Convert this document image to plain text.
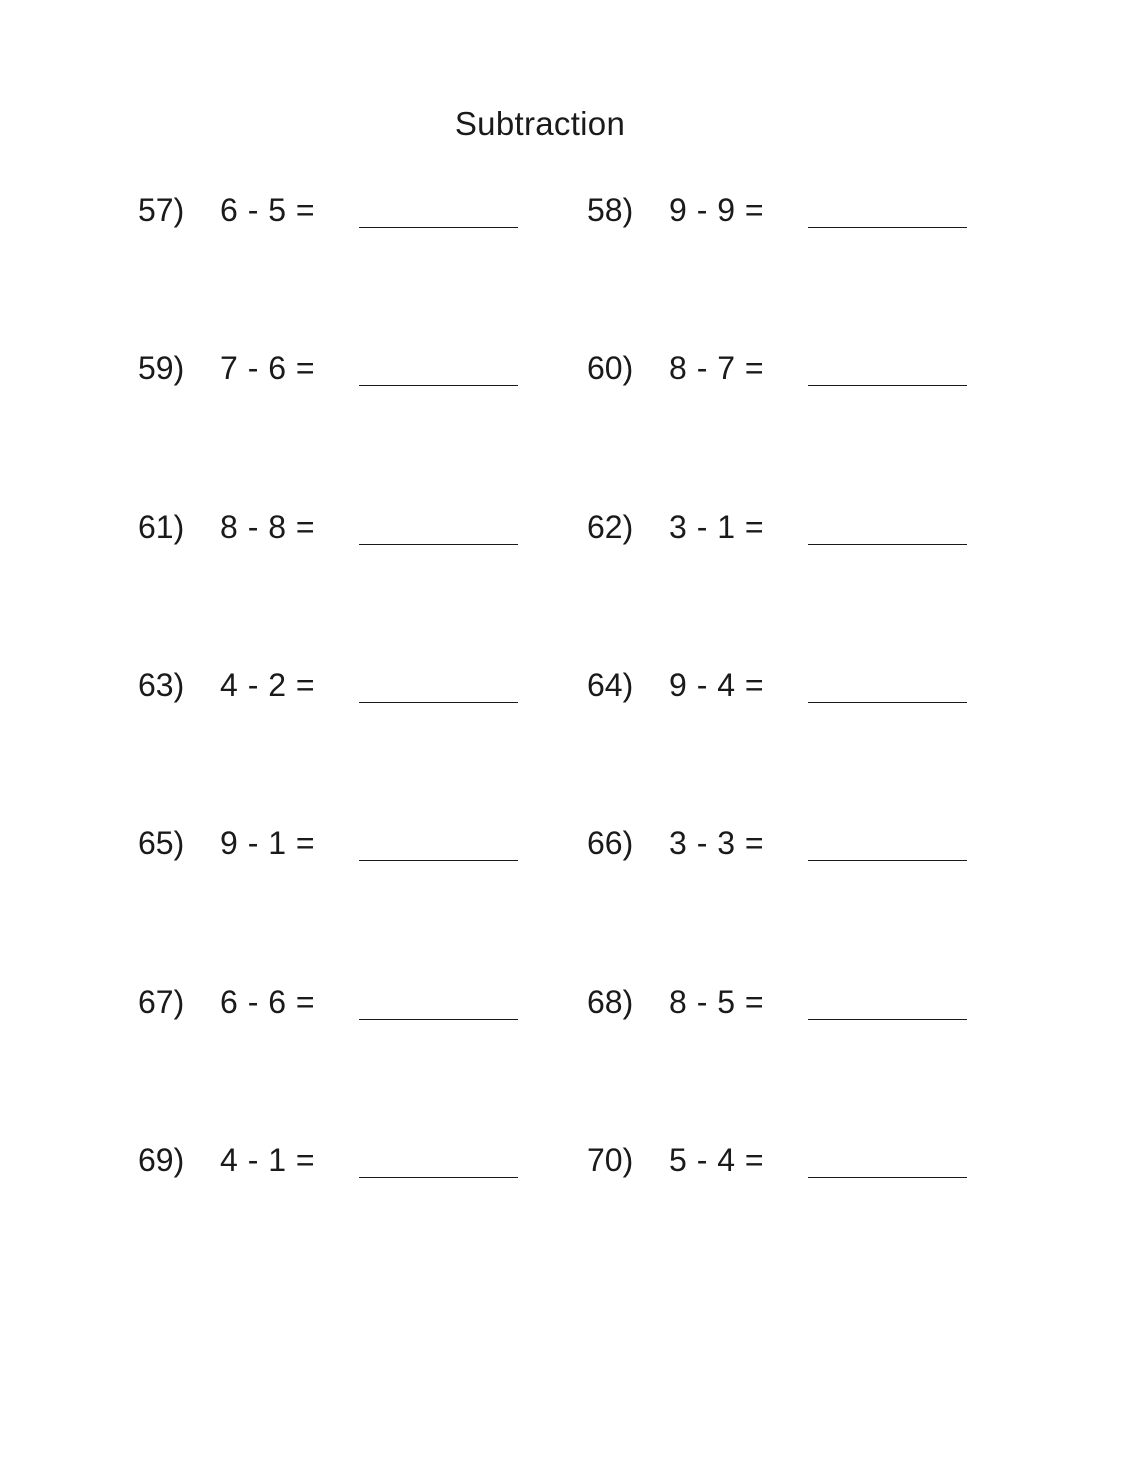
Subtraction
57) 6 - 5 =	58) 9 - 9 =
59) 7 - 6 =	60) 8 - 7 =
61) 8 - 8 =	62) 3 - 1 =
63) 4 - 2 =	64) 9 - 4 =
65) 9 - 1 =	66) 3 - 3 =
67) 6 - 6 =	68) 8 - 5 =
69) 4 - 1 =	70) 5 - 4 =
